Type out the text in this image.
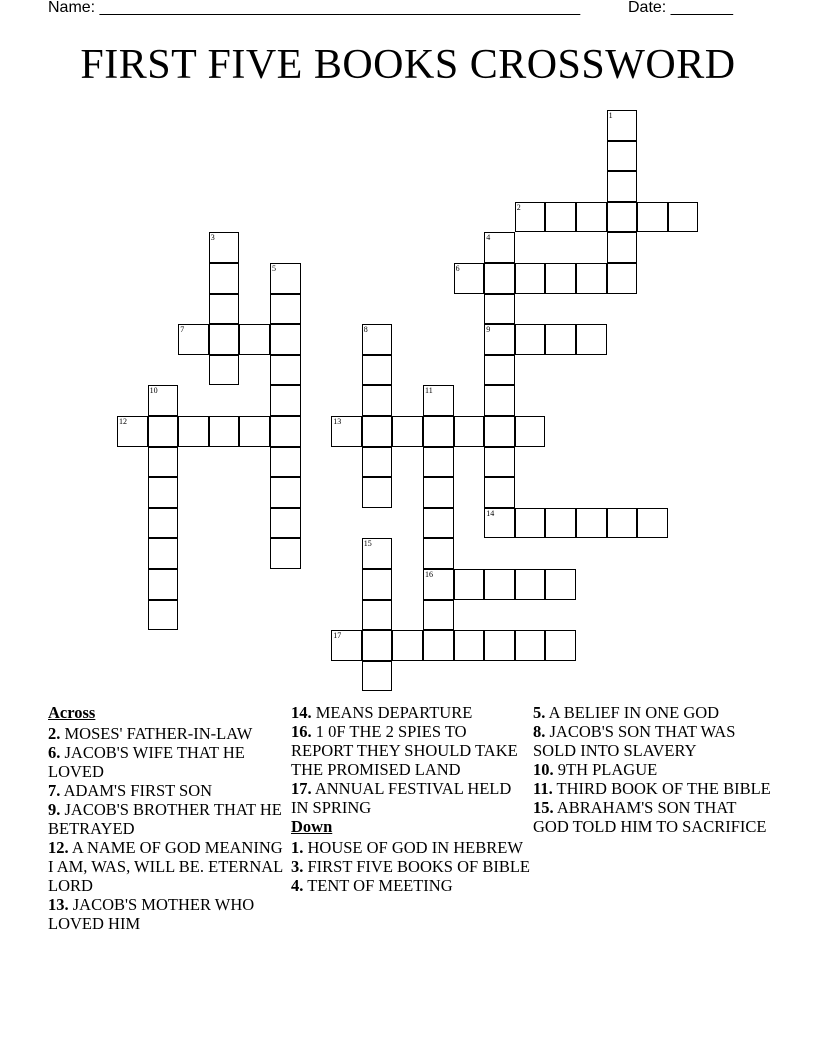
Name: ______________________________________________________	Date: _______
FIRST FIVE BOOKS CROSSWORD
1
2
3	4
5	6
7	8	9
10	11
12	13
14
15
16
17
Across

2. MOSES' FATHER-IN-LAW

6. JACOB'S WIFE THAT HE LOVED

7. ADAM'S FIRST SON

9. JACOB'S BROTHER THAT HE BETRAYED

12. A NAME OF GOD MEANING I AM, WAS, WILL BE. ETERNAL LORD

13. JACOB'S MOTHER WHO LOVED HIM

14. MEANS DEPARTURE

16. 1 0F THE 2 SPIES TO REPORT THEY SHOULD TAKE THE PROMISED LAND

17. ANNUAL FESTIVAL HELD IN SPRING

Down

1. HOUSE OF GOD IN HEBREW

3. FIRST FIVE BOOKS OF BIBLE

4. TENT OF MEETING

5. A BELIEF IN ONE GOD

8. JACOB'S SON THAT WAS SOLD INTO SLAVERY

10. 9TH PLAGUE

11. THIRD BOOK OF THE BIBLE

15. ABRAHAM'S SON THAT GOD TOLD HIM TO SACRIFICE
